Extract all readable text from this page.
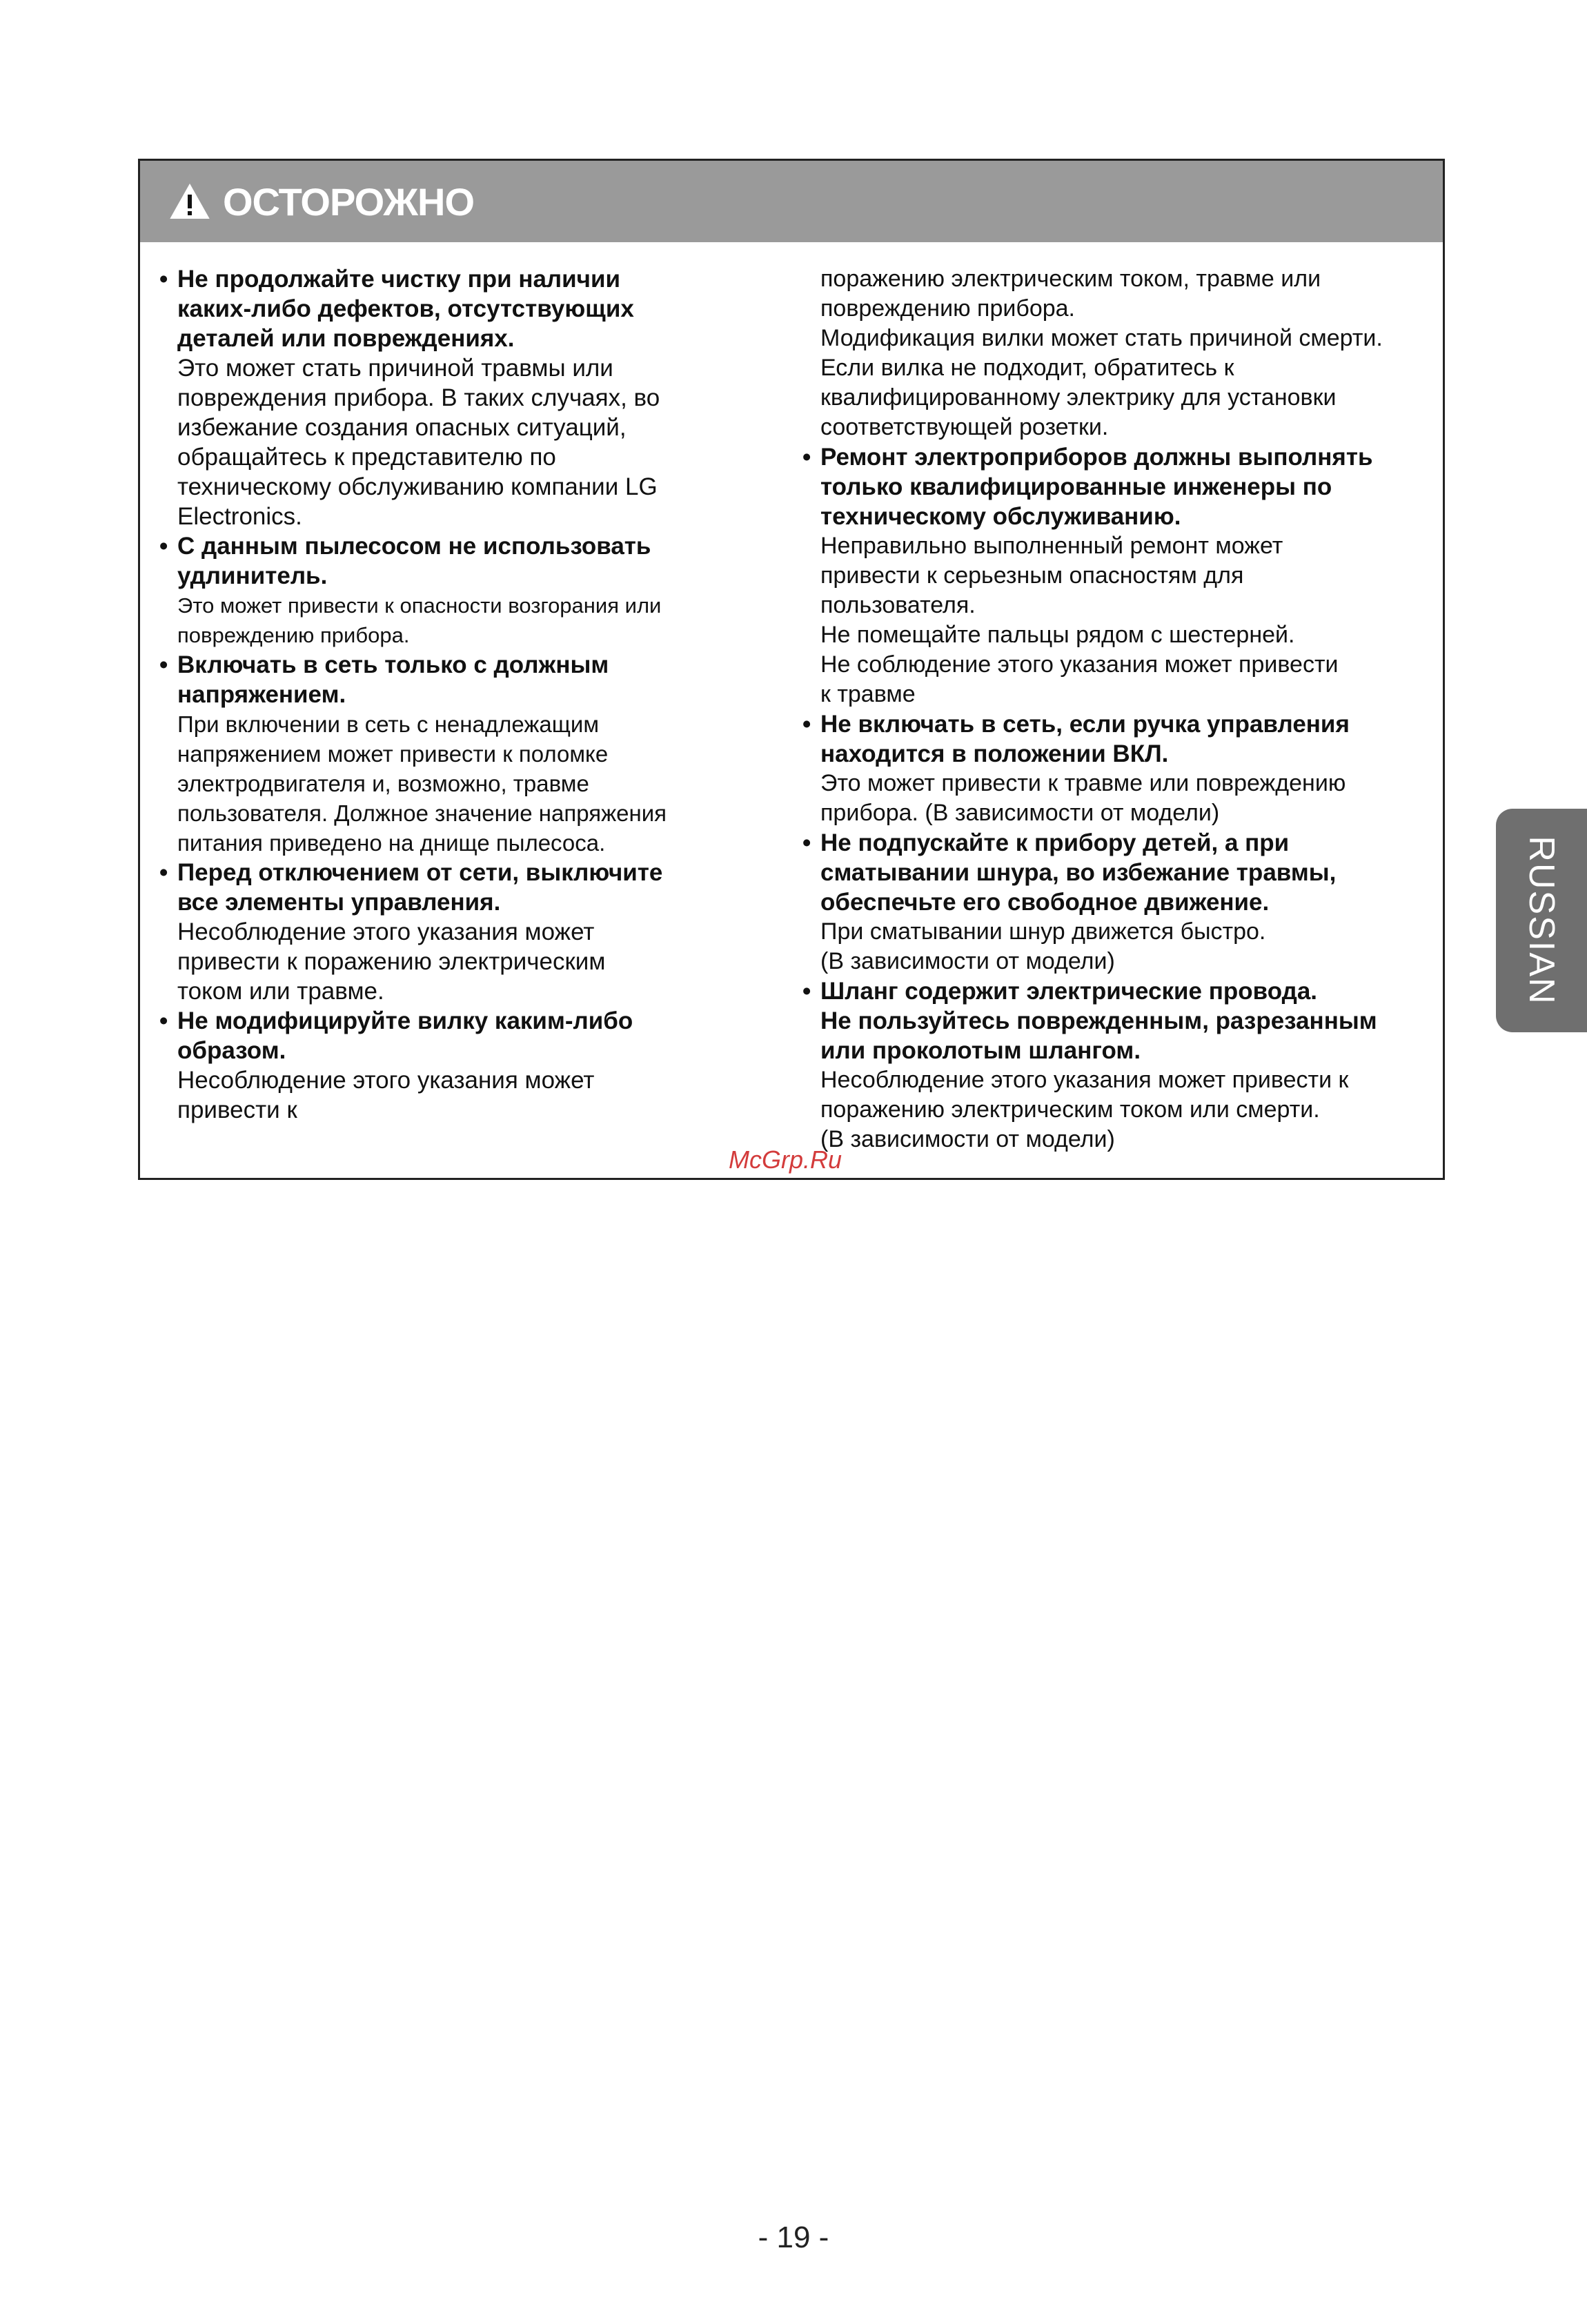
ОСТОРОЖНО
• Не продолжайте чистку при наличии
каких-либо дефектов, отсутствующих
деталей или повреждениях.
Это может стать причиной травмы или
повреждения прибора. В таких случаях, во
избежание создания опасных ситуаций,
обращайтесь к представителю по
техническому обслуживанию компании LG
Electronics.
• С данным пылесосом не использовать
удлинитель.
Это может привести к опасности возгорания или
повреждению прибора.
• Включать в сеть только с должным
напряжением.
При включении в сеть с ненадлежащим
напряжением может привести к поломке
электродвигателя и, возможно, травме
пользователя. Должное значение напряжения
питания приведено на днище пылесоса.
• Перед отключением от сети, выключите
все элементы управления.
Несоблюдение этого указания может
привести к поражению электрическим
током или травме.
• Не модифицируйте вилку каким-либо
образом.
Несоблюдение этого указания может
привести к
поражению электрическим током, травме или
повреждению прибора.
Модификация вилки может стать причиной смерти.
Если вилка не подходит, обратитесь к
квалифицированному электрику для установки
соответствующей розетки.
• Ремонт электроприборов должны выполнять
только квалифицированные инженеры по
техническому обслуживанию.
Неправильно выполненный ремонт может
привести к серьезным опасностям для
пользователя.
Не помещайте пальцы рядом с шестерней.
Не соблюдение этого указания может привести
к травме
• Не включать в сеть, если ручка управления
находится в положении ВКЛ.
Это может привести к травме или повреждению
прибора. (В зависимости от модели)
• Не подпускайте к прибору детей, а при
сматывании шнура, во избежание травмы,
обеспечьте его свободное движение.
При сматывании шнур движется быстро.
(В зависимости от модели)
• Шланг содержит электрические провода.
Не пользуйтесь поврежденным, разрезанным
или проколотым шлангом.
Несоблюдение этого указания может привести к
поражению электрическим током или смерти.
(В зависимости от модели)
McGrp.Ru
RUSSIAN
- 19 -
